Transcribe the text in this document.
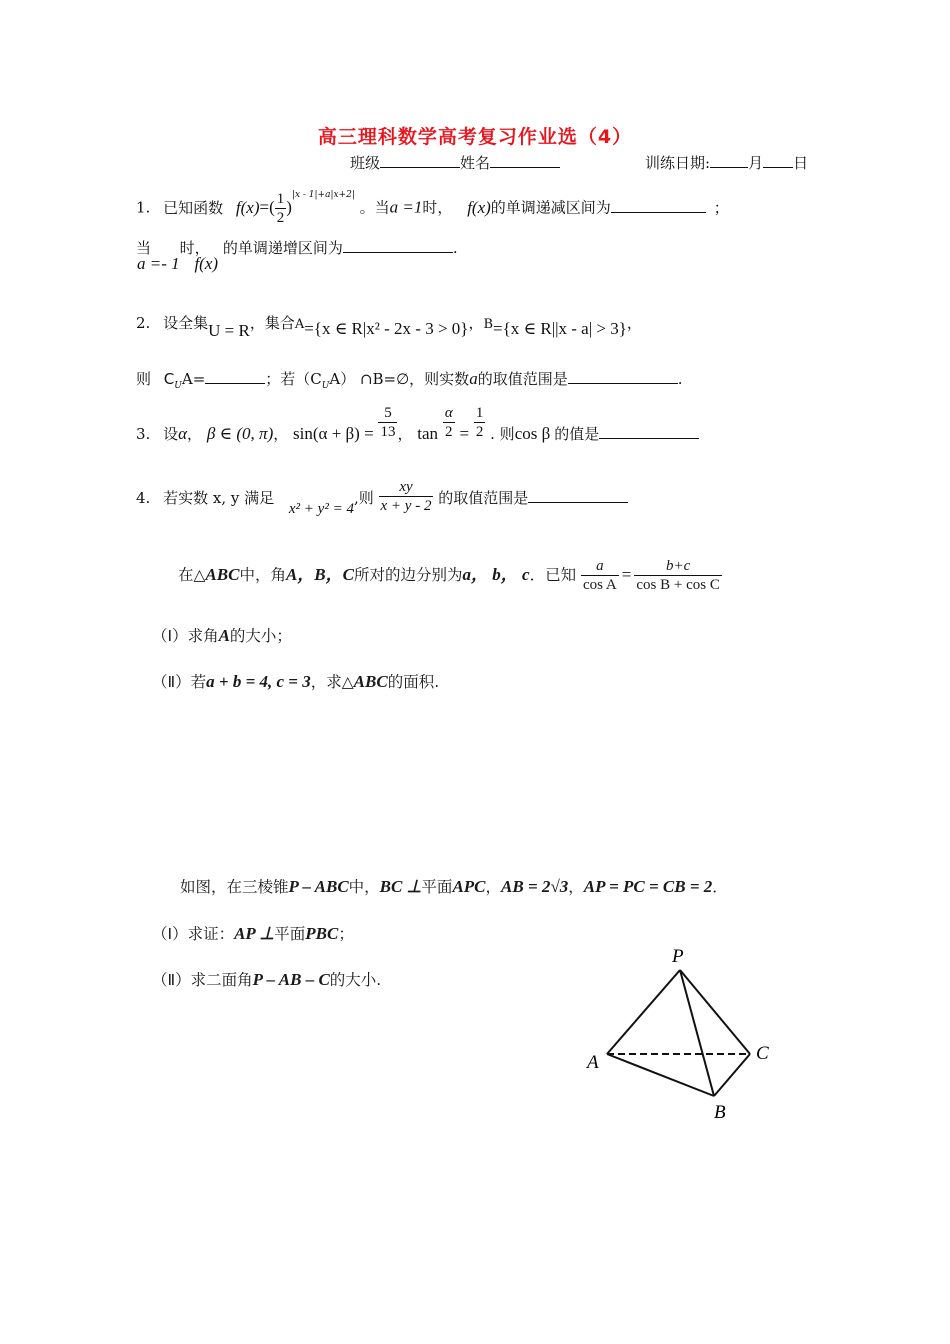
高三理科数学高考复习作业选（4）
班级	姓名	训练日期:	月 日
1. 已知函数 $f(x)=( \frac{1}{2} )^{|x - 1|+a|x+2|}$ 。当a =1时， f(x)的单调递减区间为	；
当a =- 1时， f(x) 的单调递增区间为	.
2. 设全集U = R，集合A={x ∈ R|x² - 2x - 3 > 0}，B={x ∈ R||x - a| > 3}，
则 $C_UA=$	；若$(C_UA)$ ∩B=∅，则实数a的取值范围是	.
3. 设α， β ∈ (0, π)， $\sin(\alpha + \beta) = \frac{5}{13}$ ， $\tan \frac{\alpha}{2} = \frac{1}{2}$ . 则cos β 的值是
4. 若实数 x, y 满足 x² + y² = 4,则 $\frac{xy}{x + y - 2}$ 的取值范围是
在△ABC中，角A，B，C所对的边分别为a， b， c．已知 $\frac{a}{\text{cos A}} = \frac{b+c}{\text{cos B + cos C}}$
（Ⅰ）求角A的大小；
（Ⅱ）若a + b = 4, c = 3，求△ABC的面积.
如图，在三棱锥P – ABC中，BC ⊥平面APC，AB = 2√3，AP = PC = CB = 2．
（Ⅰ）求证：AP ⊥平面PBC；
（Ⅱ）求二面角P – AB – C的大小.
P
A	C
B
